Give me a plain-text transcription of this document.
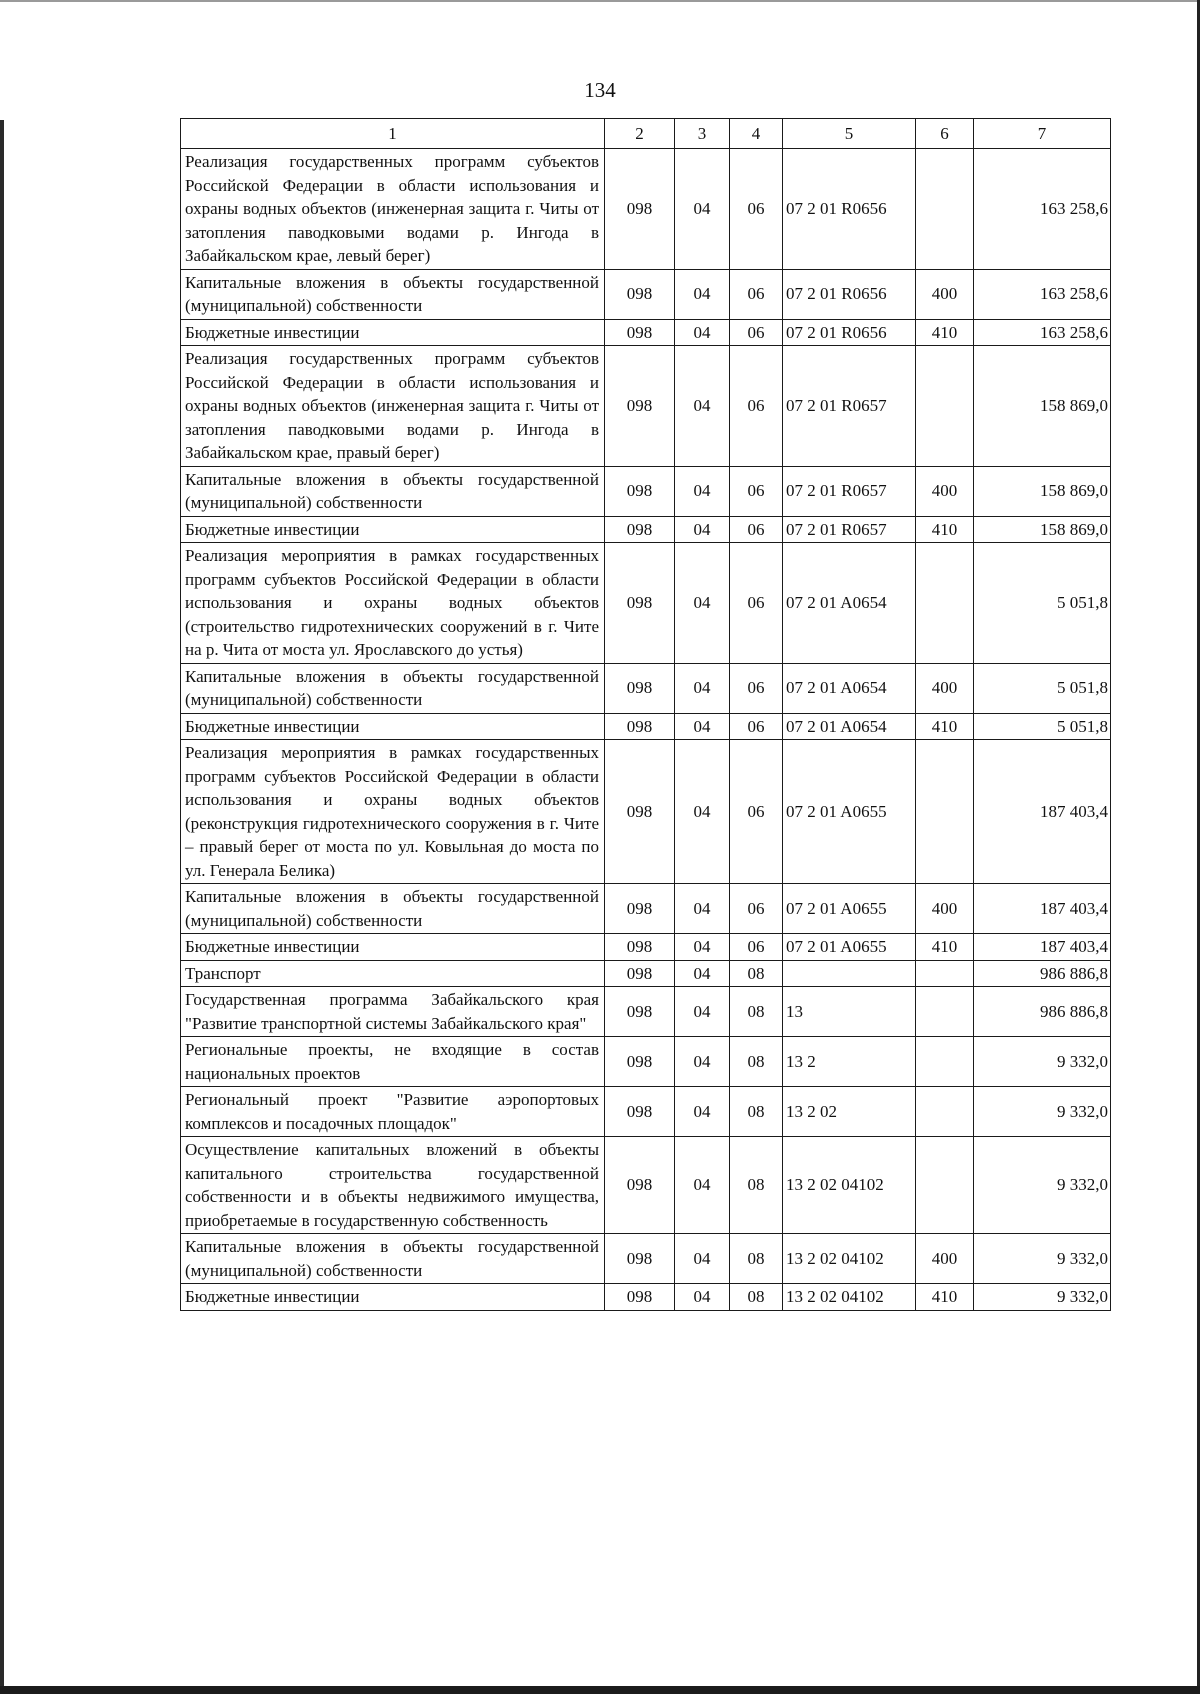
134
1	2	3	4	5	6	7
Реализация государственных программ субъектов Российской Федерации в области использования и охраны водных объектов (инженерная защита г. Читы от затопления паводковыми водами р. Ингода в Забайкальском крае, левый берег)	098	04	06	07 2 01 R0656		163 258,6
Капитальные вложения в объекты государственной (муниципальной) собственности	098	04	06	07 2 01 R0656	400	163 258,6
Бюджетные инвестиции	098	04	06	07 2 01 R0656	410	163 258,6
Реализация государственных программ субъектов Российской Федерации в области использования и охраны водных объектов (инженерная защита г. Читы от затопления паводковыми водами р. Ингода в Забайкальском крае, правый берег)	098	04	06	07 2 01 R0657		158 869,0
Капитальные вложения в объекты государственной (муниципальной) собственности	098	04	06	07 2 01 R0657	400	158 869,0
Бюджетные инвестиции	098	04	06	07 2 01 R0657	410	158 869,0
Реализация мероприятия в рамках государственных программ субъектов Российской Федерации в области использования и охраны водных объектов (строительство гидротехнических сооружений в г. Чите на р. Чита от моста ул. Ярославского до устья)	098	04	06	07 2 01 A0654		5 051,8
Капитальные вложения в объекты государственной (муниципальной) собственности	098	04	06	07 2 01 A0654	400	5 051,8
Бюджетные инвестиции	098	04	06	07 2 01 A0654	410	5 051,8
Реализация мероприятия в рамках государственных программ субъектов Российской Федерации в области использования и охраны водных объектов (реконструкция гидротехнического сооружения в г. Чите – правый берег от моста по ул. Ковыльная до моста по ул. Генерала Белика)	098	04	06	07 2 01 A0655		187 403,4
Капитальные вложения в объекты государственной (муниципальной) собственности	098	04	06	07 2 01 A0655	400	187 403,4
Бюджетные инвестиции	098	04	06	07 2 01 A0655	410	187 403,4
Транспорт	098	04	08			986 886,8
Государственная программа Забайкальского края "Развитие транспортной системы Забайкальского края"	098	04	08	13		986 886,8
Региональные проекты, не входящие в состав национальных проектов	098	04	08	13 2		9 332,0
Региональный проект "Развитие аэропортовых комплексов и посадочных площадок"	098	04	08	13 2 02		9 332,0
Осуществление капитальных вложений в объекты капитального строительства государственной собственности и в объекты недвижимого имущества, приобретаемые в государственную собственность	098	04	08	13 2 02 04102		9 332,0
Капитальные вложения в объекты государственной (муниципальной) собственности	098	04	08	13 2 02 04102	400	9 332,0
Бюджетные инвестиции	098	04	08	13 2 02 04102	410	9 332,0
